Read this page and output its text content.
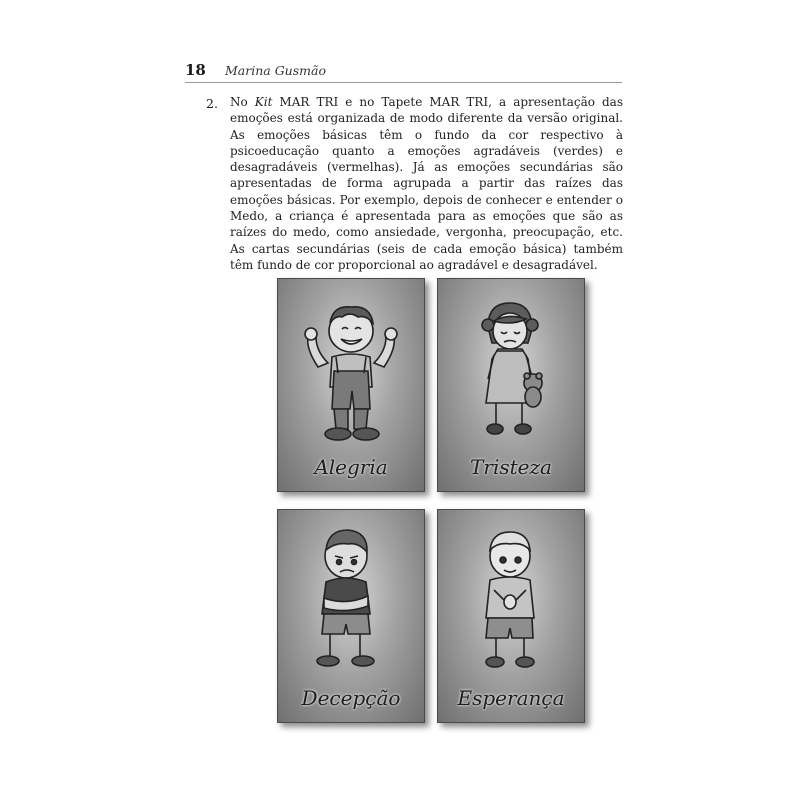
18 Marina Gusmão
2. No Kit MAR TRI e no Tapete MAR TRI, a apresentação das emoções está organizada de modo diferente da versão original. As emoções básicas têm o fundo da cor respectivo à psicoeducação quanto a emoções agradáveis (verdes) e desagradáveis (vermelhas). Já as emoções secundárias são apresentadas de forma agrupada a partir das raízes das emoções básicas. Por exemplo, depois de conhecer e entender o Medo, a criança é apresentada para as emoções que são as raízes do medo, como ansiedade, vergonha, preocupação, etc. As cartas secundárias (seis de cada emoção básica) também têm fundo de cor proporcional ao agradável e desagradável.

Alegria	Tristeza
Decepção	Esperança
